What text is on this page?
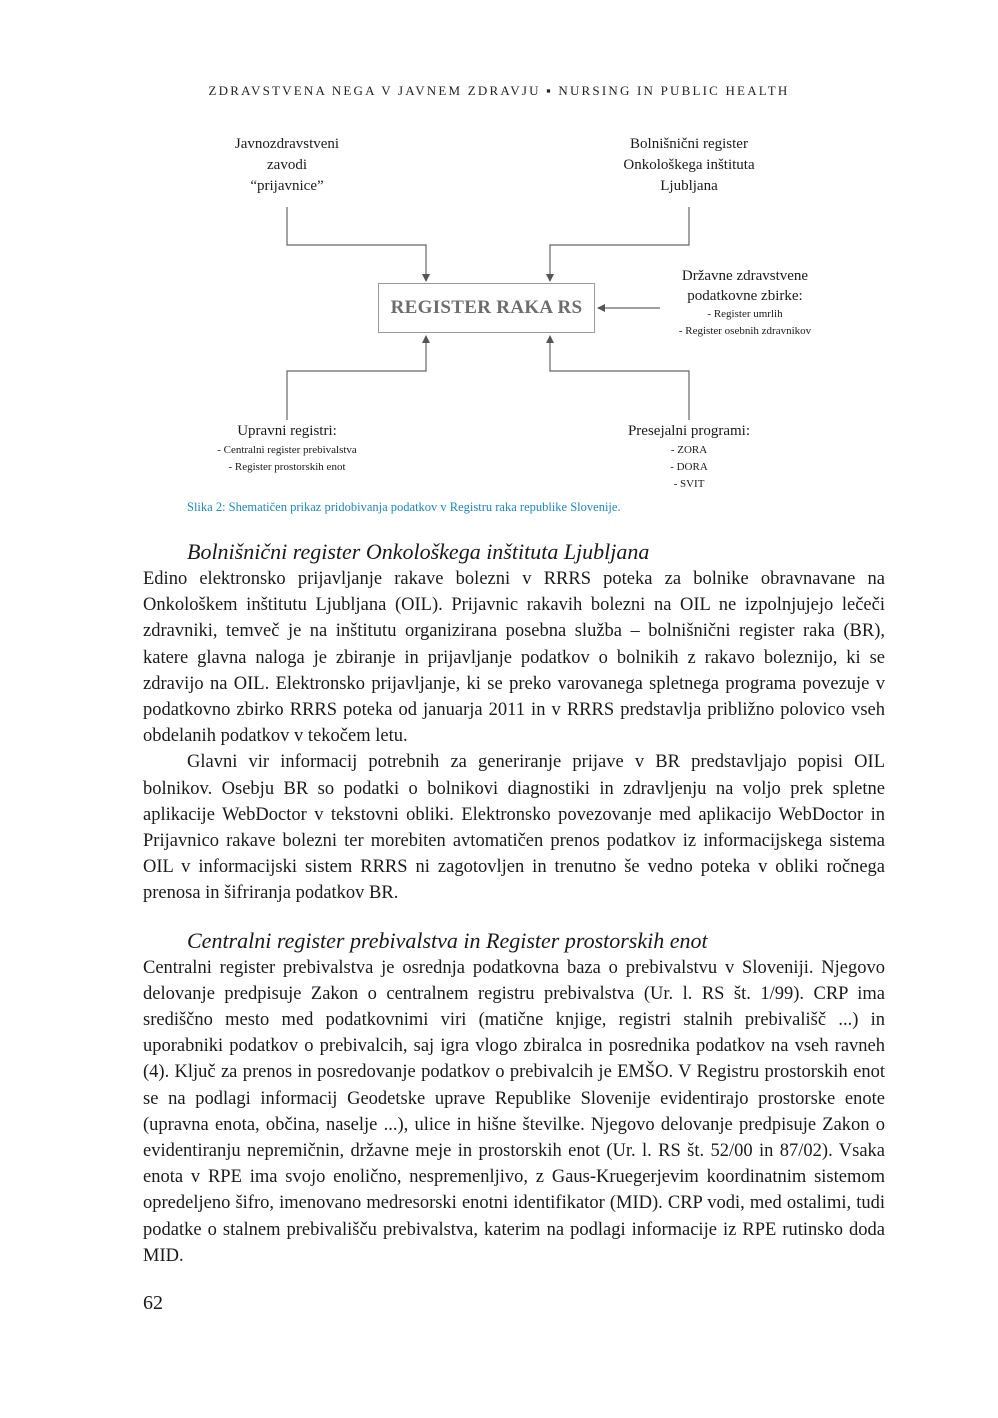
ZDRAVSTVENA NEGA V JAVNEM ZDRAVJU ▪ NURSING IN PUBLIC HEALTH
Javnozdravstveni
zavodi
“prijavnice”
Bolnišnični register
Onkološkega inštituta
Ljubljana
Državne zdravstvene
podatkovne zbirke:
- Register umrlih
- Register osebnih zdravnikov
REGISTER RAKA RS
Upravni registri:
- Centralni register prebivalstva
- Register prostorskih enot
Presejalni programi:
- ZORA
- DORA
- SVIT
Slika 2: Shematičen prikaz pridobivanja podatkov v Registru raka republike Slovenije.
Bolnišnični register Onkološkega inštituta Ljubljana

Edino elektronsko prijavljanje rakave bolezni v RRRS poteka za bolnike obravnavane na Onkološkem inštitutu Ljubljana (OIL). Prijavnic rakavih bolezni na OIL ne izpolnjujejo lečeči zdravniki, temveč je na inštitutu organizirana posebna služba – bolnišnični register raka (BR), katere glavna naloga je zbiranje in prijavljanje podatkov o bolnikih z rakavo boleznijo, ki se zdravijo na OIL. Elektronsko prijavljanje, ki se preko varovanega spletnega programa povezuje v podatkovno zbirko RRRS poteka od januarja 2011 in v RRRS predstavlja približno polovico vseh obdelanih podatkov v tekočem letu.

Glavni vir informacij potrebnih za generiranje prijave v BR predstavljajo popisi OIL bolnikov. Osebju BR so podatki o bolnikovi diagnostiki in zdravljenju na voljo prek spletne aplikacije WebDoctor v tekstovni obliki. Elektronsko povezovanje med aplikacijo WebDoctor in Prijavnico rakave bolezni ter morebiten avtomatičen prenos podatkov iz informacijskega sistema OIL v informacijski sistem RRRS ni zagotovljen in trenutno še vedno poteka v obliki ročnega prenosa in šifriranja podatkov BR.

Centralni register prebivalstva in Register prostorskih enot

Centralni register prebivalstva je osrednja podatkovna baza o prebivalstvu v Sloveniji. Njegovo delovanje predpisuje Zakon o centralnem registru prebivalstva (Ur. l. RS št. 1/99). CRP ima središčno mesto med podatkovnimi viri (matične knjige, registri stalnih prebivališč ...) in uporabniki podatkov o prebivalcih, saj igra vlogo zbiralca in posrednika podatkov na vseh ravneh (4). Ključ za prenos in posredovanje podatkov o prebivalcih je EMŠO. V Registru prostorskih enot se na podlagi informacij Geodetske uprave Republike Slovenije evidentirajo prostorske enote (upravna enota, občina, naselje ...), ulice in hišne številke. Njegovo delovanje predpisuje Zakon o evidentiranju nepremičnin, državne meje in prostorskih enot (Ur. l. RS št. 52/00 in 87/02). Vsaka enota v RPE ima svojo enolično, nespremenljivo, z Gaus-Kruegerjevim koordinatnim sistemom opredeljeno šifro, imenovano medresorski enotni identifikator (MID). CRP vodi, med ostalimi, tudi podatke o stalnem prebivališču prebivalstva, katerim na podlagi informacije iz RPE rutinsko doda MID.

62
